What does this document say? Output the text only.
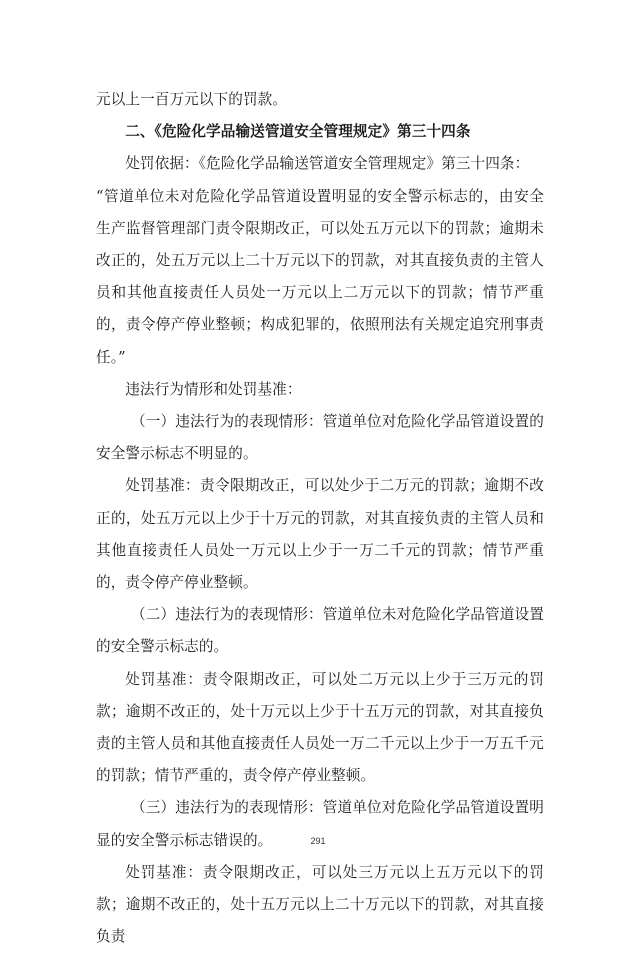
元以上一百万元以下的罚款。

二、《危险化学品输送管道安全管理规定》第三十四条

处罚依据：《危险化学品输送管道安全管理规定》第三十四条：

“管道单位未对危险化学品管道设置明显的安全警示标志的，由安全生产监督管理部门责令限期改正，可以处五万元以下的罚款；逾期未改正的，处五万元以上二十万元以下的罚款，对其直接负责的主管人员和其他直接责任人员处一万元以上二万元以下的罚款；情节严重的，责令停产停业整顿；构成犯罪的，依照刑法有关规定追究刑事责任。”

违法行为情形和处罚基准：

（一）违法行为的表现情形：管道单位对危险化学品管道设置的安全警示标志不明显的。

处罚基准：责令限期改正，可以处少于二万元的罚款；逾期不改正的，处五万元以上少于十万元的罚款，对其直接负责的主管人员和其他直接责任人员处一万元以上少于一万二千元的罚款；情节严重的，责令停产停业整顿。

（二）违法行为的表现情形：管道单位未对危险化学品管道设置的安全警示标志的。

处罚基准：责令限期改正，可以处二万元以上少于三万元的罚款；逾期不改正的，处十万元以上少于十五万元的罚款，对其直接负责的主管人员和其他直接责任人员处一万二千元以上少于一万五千元的罚款；情节严重的，责令停产停业整顿。

（三）违法行为的表现情形：管道单位对危险化学品管道设置明显的安全警示标志错误的。

处罚基准：责令限期改正，可以处三万元以上五万元以下的罚款；逾期不改正的，处十五万元以上二十万元以下的罚款，对其直接负责

291
